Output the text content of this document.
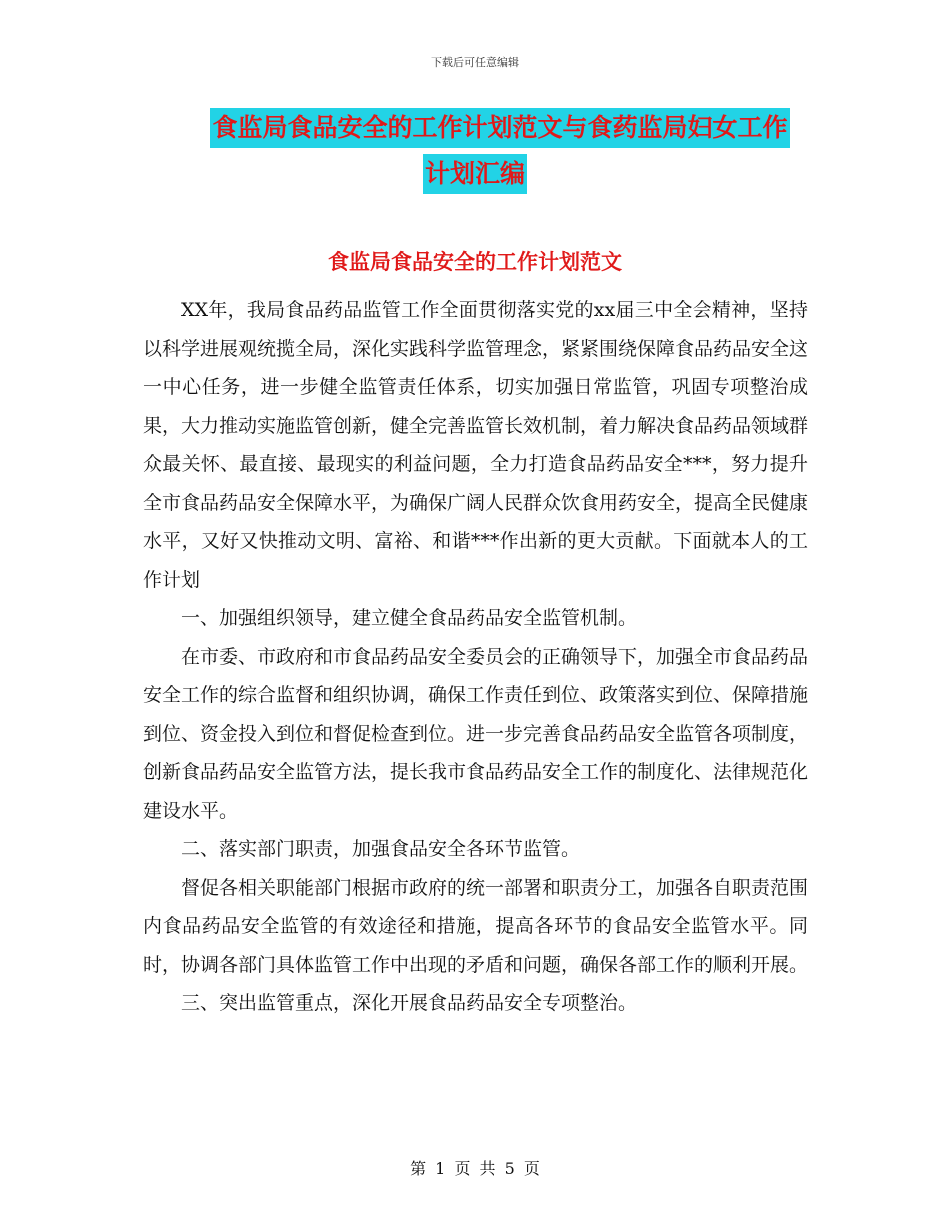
下载后可任意编辑
食监局食品安全的工作计划范文与食药监局妇女工作
计划汇编
食监局食品安全的工作计划范文

XX年，我局食品药品监管工作全面贯彻落实党的xx届三中全会精神，坚持以科学进展观统揽全局，深化实践科学监管理念，紧紧围绕保障食品药品安全这一中心任务，进一步健全监管责任体系，切实加强日常监管，巩固专项整治成果，大力推动实施监管创新，健全完善监管长效机制，着力解决食品药品领域群众最关怀、最直接、最现实的利益问题，全力打造食品药品安全***，努力提升全市食品药品安全保障水平，为确保广阔人民群众饮食用药安全，提高全民健康水平，又好又快推动文明、富裕、和谐***作出新的更大贡献。下面就本人的工作计划

一、加强组织领导，建立健全食品药品安全监管机制。

在市委、市政府和市食品药品安全委员会的正确领导下，加强全市食品药品安全工作的综合监督和组织协调，确保工作责任到位、政策落实到位、保障措施到位、资金投入到位和督促检查到位。进一步完善食品药品安全监管各项制度，创新食品药品安全监管方法，提长我市食品药品安全工作的制度化、法律规范化建设水平。

二、落实部门职责，加强食品安全各环节监管。

督促各相关职能部门根据市政府的统一部署和职责分工，加强各自职责范围内食品药品安全监管的有效途径和措施，提高各环节的食品安全监管水平。同时，协调各部门具体监管工作中出现的矛盾和问题，确保各部工作的顺利开展。

三、突出监管重点，深化开展食品药品安全专项整治。

第 1 页 共 5 页
